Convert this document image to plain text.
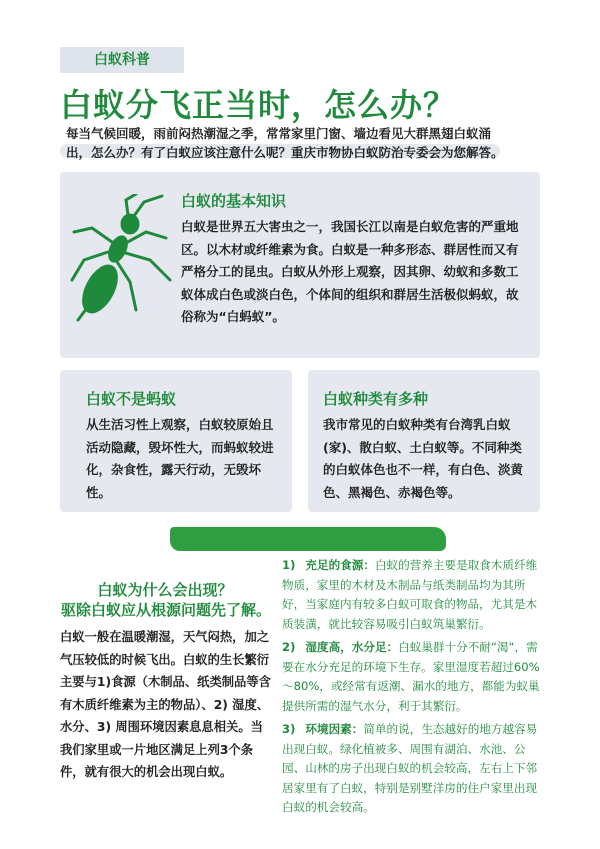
白蚁科普
白蚁分飞正当时，怎么办？
每当气候回暖，雨前闷热潮湿之季，常常家里门窗、墙边看见大群黑翅白蚁涌出，怎么办？有了白蚁应该注意什么呢？重庆市物协白蚁防治专委会为您解答。
白蚁的基本知识

白蚁是世界五大害虫之一，我国长江以南是白蚁危害的严重地区。以木材或纤维素为食。白蚁是一种多形态、群居性而又有严格分工的昆虫。白蚁从外形上观察，因其卵、幼蚁和多数工蚁体成白色或淡白色，个体间的组织和群居生活极似蚂蚁，故俗称为“白蚂蚁”。

白蚁不是蚂蚁

从生活习性上观察，白蚁较原始且活动隐藏，毁坏性大，而蚂蚁较进化，杂食性，露天行动，无毁坏性。

白蚁种类有多种

我市常见的白蚁种类有台湾乳白蚁(家)、散白蚁、土白蚁等。不同种类的白蚁体色也不一样，有白色、淡黄色、黑褐色、赤褐色等。

白蚁为什么会出现？
驱除白蚁应从根源问题先了解。
白蚁一般在温暖潮湿，天气闷热，加之气压较低的时候飞出。白蚁的生长繁衍主要与1)食源（木制品、纸类制品等含有木质纤维素为主的物品）、2) 湿度、水分、3) 周围环境因素息息相关。当我们家里或一片地区满足上列3个条件，就有很大的机会出现白蚁。
1) 充足的食源：白蚁的营养主要是取食木质纤维物质，家里的木材及木制品与纸类制品均为其所好，当家庭内有较多白蚁可取食的物品，尤其是木质装潢，就比较容易吸引白蚁筑巢繁衍。
2) 湿度高，水分足：白蚁巢群十分不耐“渴“，需要在水分充足的环境下生存。家里湿度若超过60%～80%，或经常有返潮、漏水的地方，都能为蚁巢提供所需的湿气水分，利于其繁衍。
3) 环境因素：简单的说，生态越好的地方越容易出现白蚁。绿化植被多、周围有湖泊、水池、公园、山林的房子出现白蚁的机会较高，左右上下邻居家里有了白蚁，特别是别墅洋房的住户家里出现白蚁的机会较高。
